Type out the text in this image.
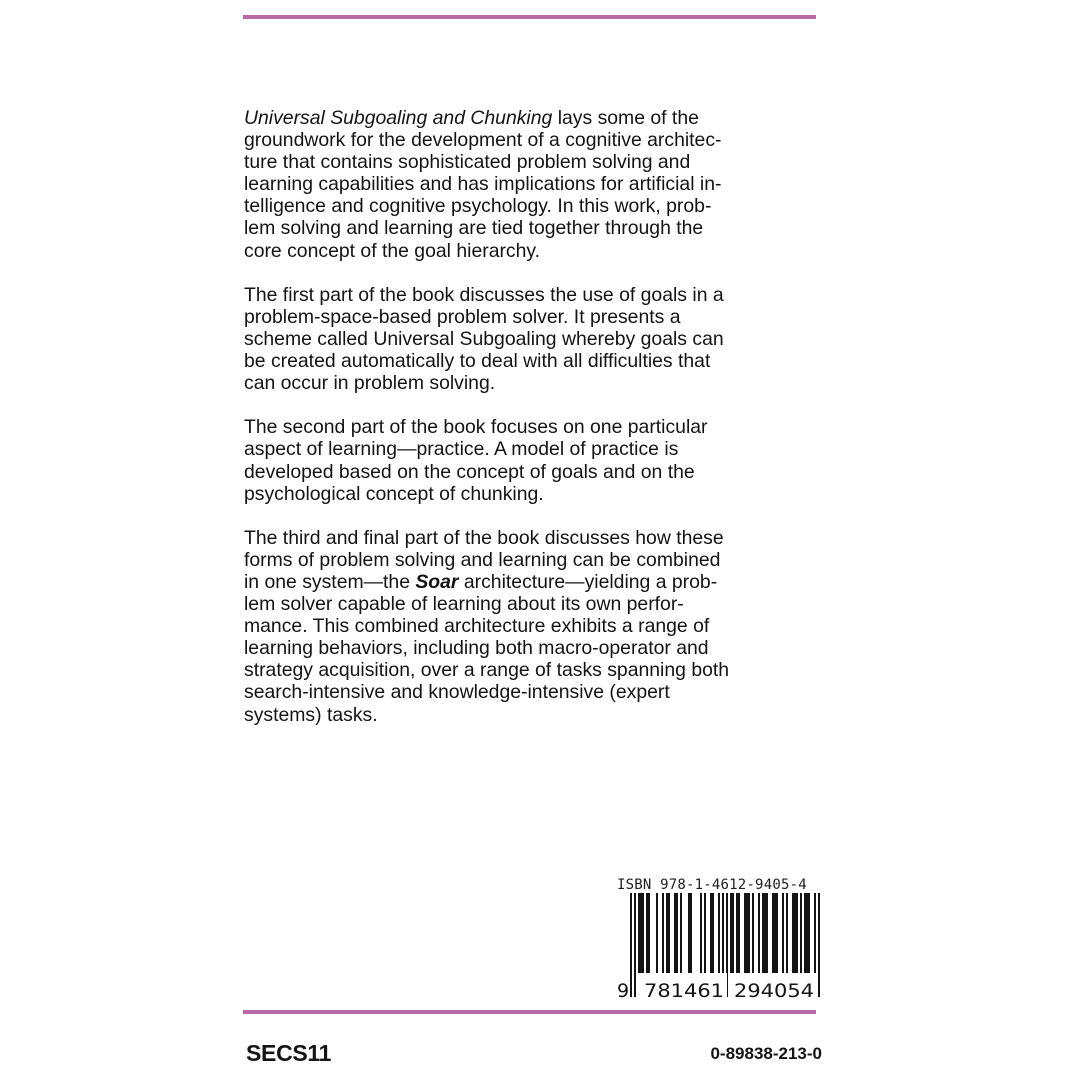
Universal Subgoaling and Chunking lays some of the
groundwork for the development of a cognitive architec-
ture that contains sophisticated problem solving and
learning capabilities and has implications for artificial in-
telligence and cognitive psychology. In this work, prob-
lem solving and learning are tied together through the
core concept of the goal hierarchy.

The first part of the book discusses the use of goals in a
problem-space-based problem solver. It presents a
scheme called Universal Subgoaling whereby goals can
be created automatically to deal with all difficulties that
can occur in problem solving.

The second part of the book focuses on one particular
aspect of learning—practice. A model of practice is
developed based on the concept of goals and on the
psychological concept of chunking.

The third and final part of the book discusses how these
forms of problem solving and learning can be combined
in one system—the Soar architecture—yielding a prob-
lem solver capable of learning about its own perfor-
mance. This combined architecture exhibits a range of
learning behaviors, including both macro-operator and
strategy acquisition, over a range of tasks spanning both
search-intensive and knowledge-intensive (expert
systems) tasks.

ISBN 978-1-4612-9405-4
9 781461 294054
SECS11	0-89838-213-0
